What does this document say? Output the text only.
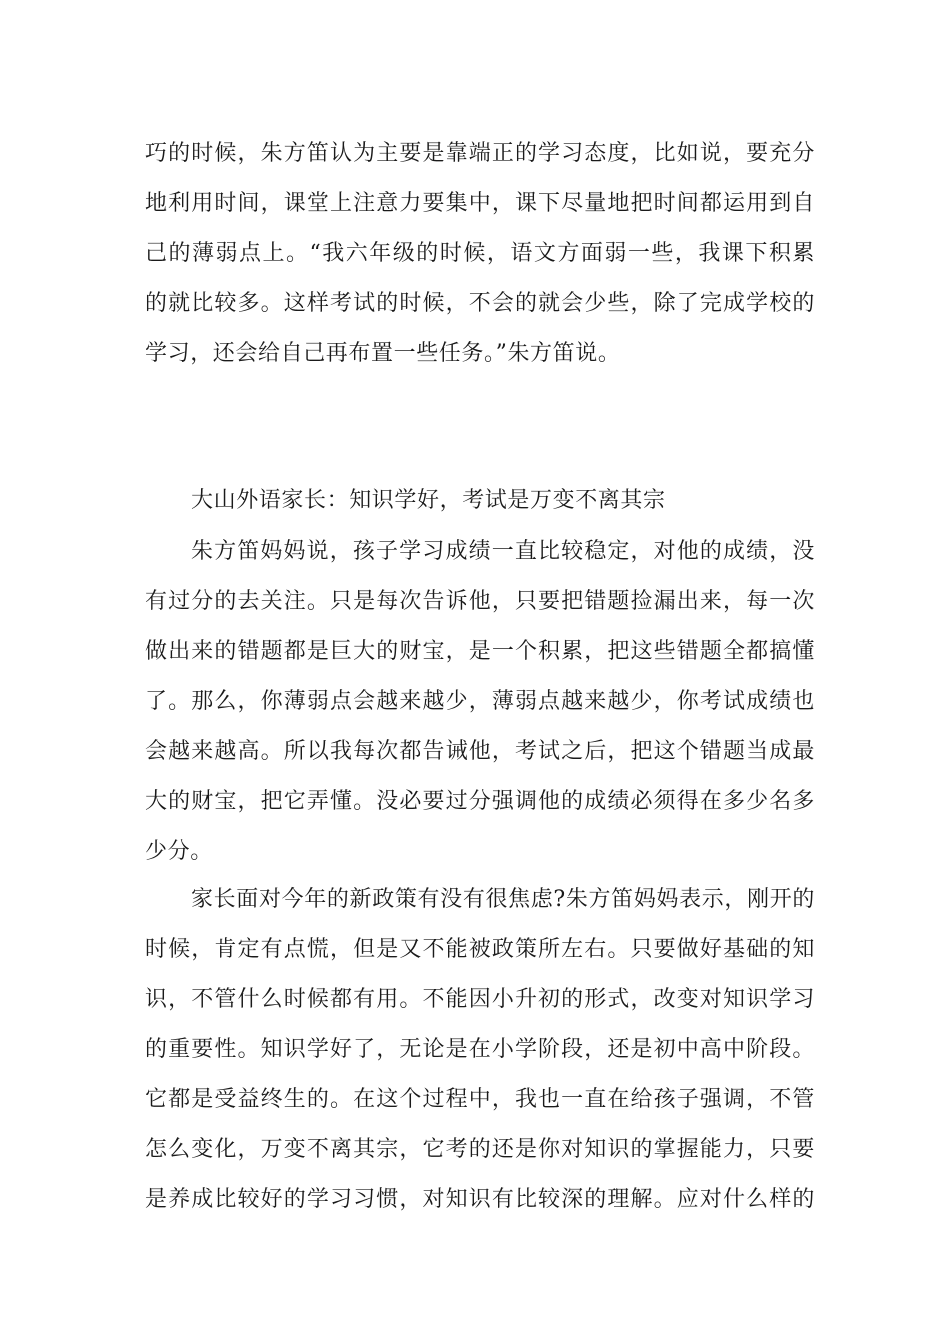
巧的时候，朱方笛认为主要是靠端正的学习态度，比如说，要充分
地利用时间，课堂上注意力要集中，课下尽量地把时间都运用到自
己的薄弱点上。“我六年级的时候，语文方面弱一些，我课下积累
的就比较多。这样考试的时候，不会的就会少些，除了完成学校的
学习，还会给自己再布置一些任务。”朱方笛说。
大山外语家长：知识学好，考试是万变不离其宗
朱方笛妈妈说，孩子学习成绩一直比较稳定，对他的成绩，没
有过分的去关注。只是每次告诉他，只要把错题捡漏出来，每一次
做出来的错题都是巨大的财宝，是一个积累，把这些错题全都搞懂
了。那么，你薄弱点会越来越少，薄弱点越来越少，你考试成绩也
会越来越高。所以我每次都告诫他，考试之后，把这个错题当成最
大的财宝，把它弄懂。没必要过分强调他的成绩必须得在多少名多
少分。
家长面对今年的新政策有没有很焦虑?朱方笛妈妈表示，刚开的
时候，肯定有点慌，但是又不能被政策所左右。只要做好基础的知
识，不管什么时候都有用。不能因小升初的形式，改变对知识学习
的重要性。知识学好了，无论是在小学阶段，还是初中高中阶段。
它都是受益终生的。在这个过程中，我也一直在给孩子强调，不管
怎么变化，万变不离其宗，它考的还是你对知识的掌握能力，只要
是养成比较好的学习习惯，对知识有比较深的理解。应对什么样的
